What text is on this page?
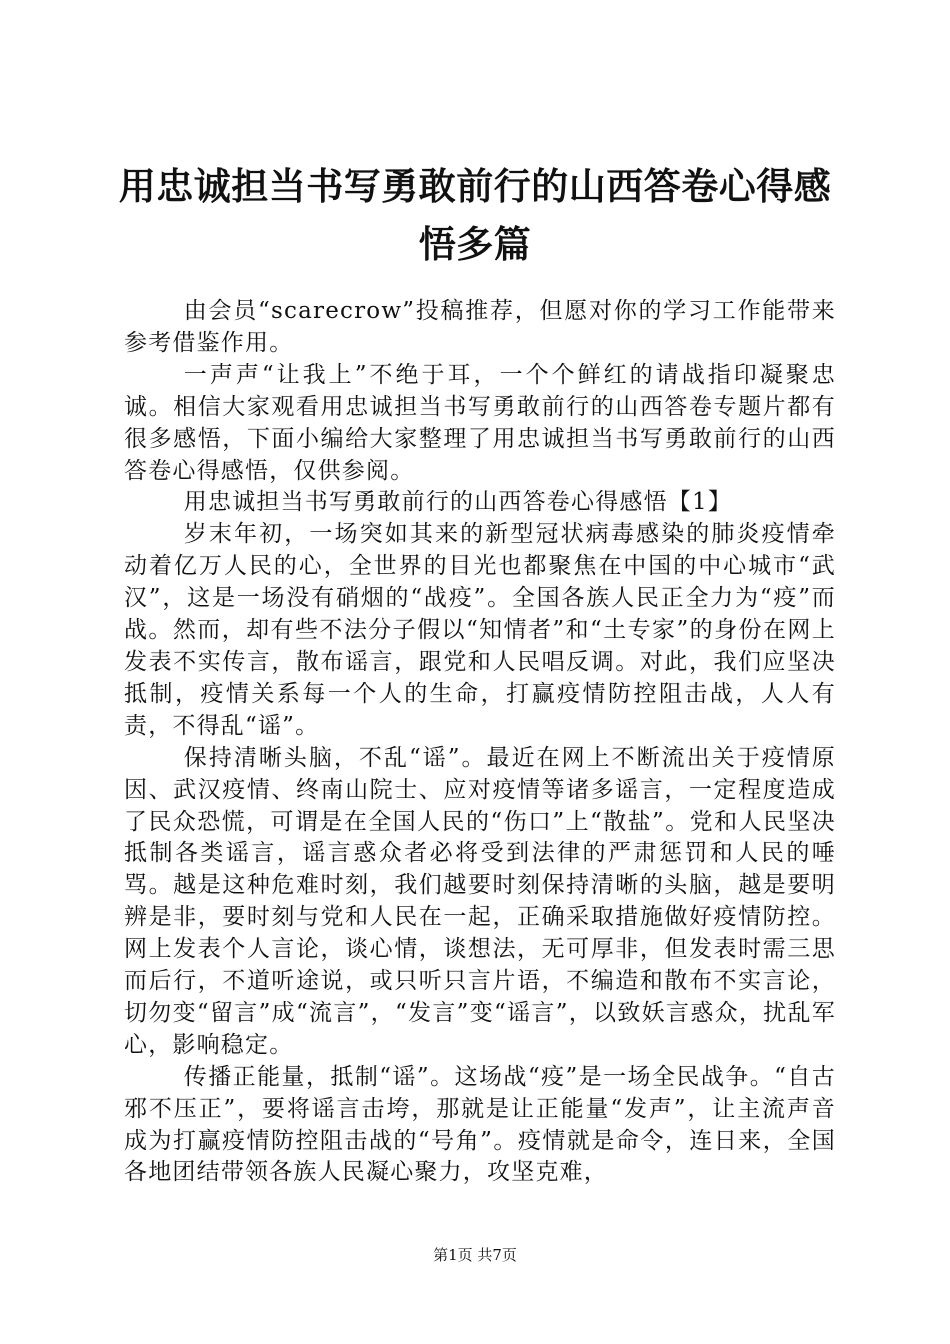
用忠诚担当书写勇敢前行的山西答卷心得感悟多篇

由会员“scarecrow”投稿推荐，但愿对你的学习工作能带来参考借鉴作用。

一声声“让我上”不绝于耳，一个个鲜红的请战指印凝聚忠诚。相信大家观看用忠诚担当书写勇敢前行的山西答卷专题片都有很多感悟，下面小编给大家整理了用忠诚担当书写勇敢前行的山西答卷心得感悟，仅供参阅。

用忠诚担当书写勇敢前行的山西答卷心得感悟【1】

岁末年初，一场突如其来的新型冠状病毒感染的肺炎疫情牵动着亿万人民的心，全世界的目光也都聚焦在中国的中心城市“武汉”，这是一场没有硝烟的“战疫”。全国各族人民正全力为“疫”而战。然而，却有些不法分子假以“知情者”和“土专家”的身份在网上发表不实传言，散布谣言，跟党和人民唱反调。对此，我们应坚决抵制，疫情关系每一个人的生命，打赢疫情防控阻击战，人人有责，不得乱“谣”。

保持清晰头脑，不乱“谣”。最近在网上不断流出关于疫情原因、武汉疫情、终南山院士、应对疫情等诸多谣言，一定程度造成了民众恐慌，可谓是在全国人民的“伤口”上“散盐”。党和人民坚决抵制各类谣言，谣言惑众者必将受到法律的严肃惩罚和人民的唾骂。越是这种危难时刻，我们越要时刻保持清晰的头脑，越是要明辨是非，要时刻与党和人民在一起，正确采取措施做好疫情防控。网上发表个人言论，谈心情，谈想法，无可厚非，但发表时需三思而后行，不道听途说，或只听只言片语，不编造和散布不实言论，切勿变“留言”成“流言”，“发言”变“谣言”，以致妖言惑众，扰乱军心，影响稳定。

传播正能量，抵制“谣”。这场战“疫”是一场全民战争。“自古邪不压正”，要将谣言击垮，那就是让正能量“发声”，让主流声音成为打赢疫情防控阻击战的“号角”。疫情就是命令，连日来，全国各地团结带领各族人民凝心聚力，攻坚克难，

第1页 共7页
